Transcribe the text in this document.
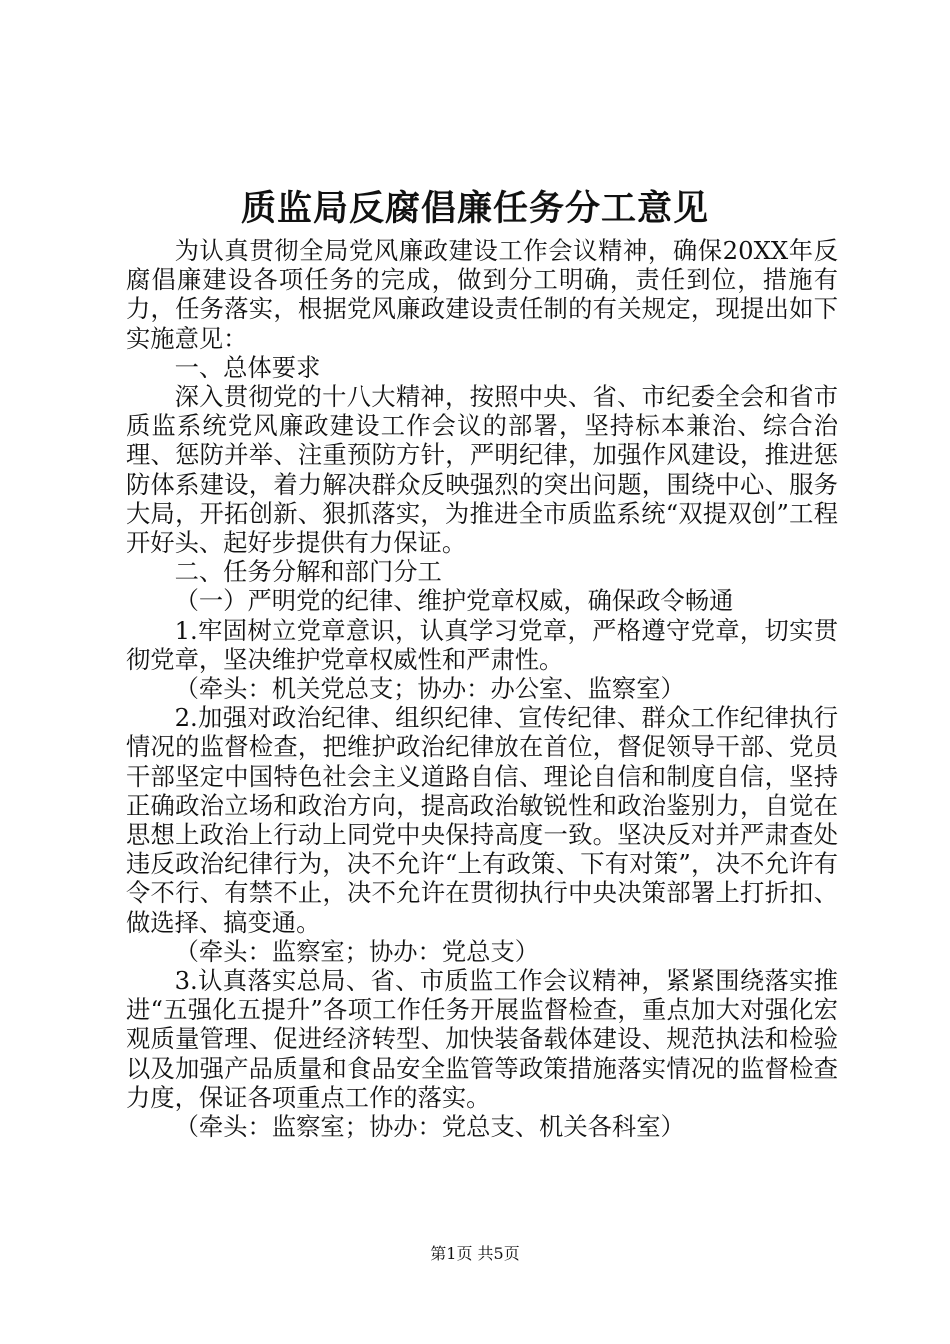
质监局反腐倡廉任务分工意见

为认真贯彻全局党风廉政建设工作会议精神，确保20XX年反腐倡廉建设各项任务的完成，做到分工明确，责任到位，措施有力，任务落实，根据党风廉政建设责任制的有关规定，现提出如下实施意见：

一、总体要求

深入贯彻党的十八大精神，按照中央、省、市纪委全会和省市质监系统党风廉政建设工作会议的部署，坚持标本兼治、综合治理、惩防并举、注重预防方针，严明纪律，加强作风建设，推进惩防体系建设，着力解决群众反映强烈的突出问题，围绕中心、服务大局，开拓创新、狠抓落实，为推进全市质监系统“双提双创”工程开好头、起好步提供有力保证。

二、任务分解和部门分工

（一）严明党的纪律、维护党章权威，确保政令畅通

1.牢固树立党章意识，认真学习党章，严格遵守党章，切实贯彻党章，坚决维护党章权威性和严肃性。

（牵头：机关党总支；协办：办公室、监察室）

2.加强对政治纪律、组织纪律、宣传纪律、群众工作纪律执行情况的监督检查，把维护政治纪律放在首位，督促领导干部、党员干部坚定中国特色社会主义道路自信、理论自信和制度自信，坚持正确政治立场和政治方向，提高政治敏锐性和政治鉴别力，自觉在思想上政治上行动上同党中央保持高度一致。坚决反对并严肃查处违反政治纪律行为，决不允许“上有政策、下有对策”，决不允许有令不行、有禁不止，决不允许在贯彻执行中央决策部署上打折扣、做选择、搞变通。

（牵头：监察室；协办：党总支）

3.认真落实总局、省、市质监工作会议精神，紧紧围绕落实推进“五强化五提升”各项工作任务开展监督检查，重点加大对强化宏观质量管理、促进经济转型、加快装备载体建设、规范执法和检验以及加强产品质量和食品安全监管等政策措施落实情况的监督检查力度，保证各项重点工作的落实。

（牵头：监察室；协办：党总支、机关各科室）

第1页 共5页
